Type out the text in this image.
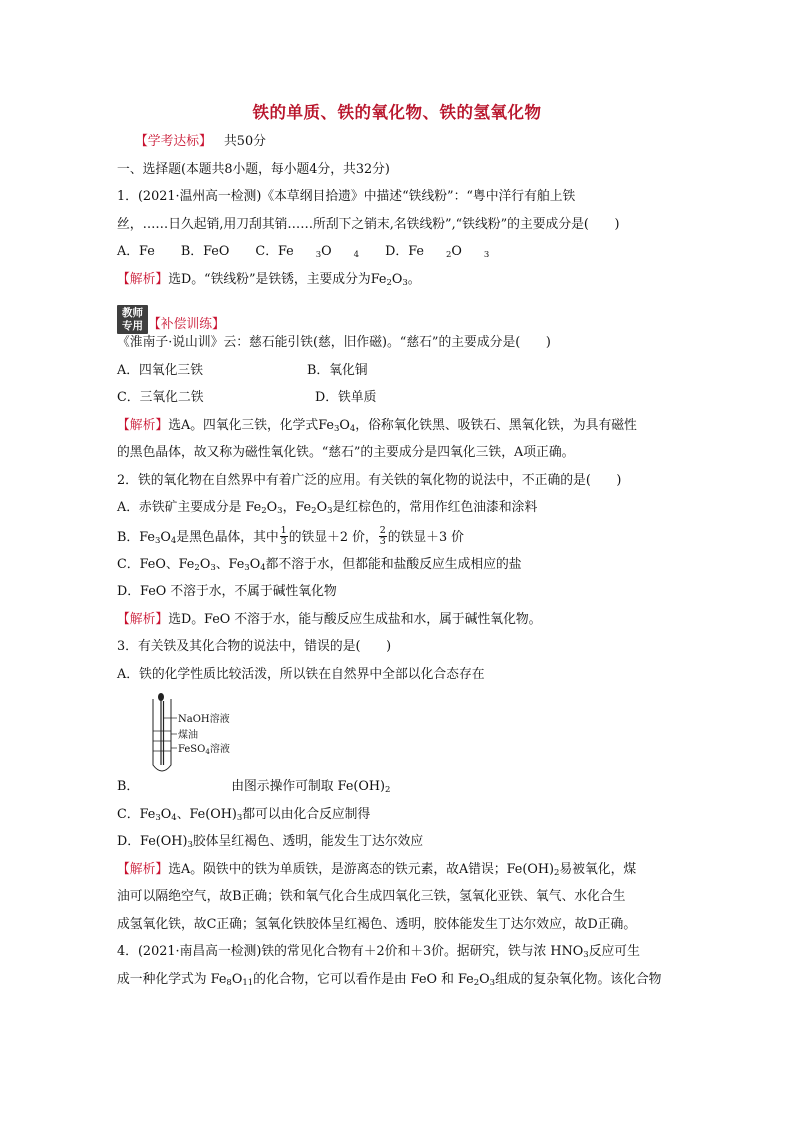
铁的单质、铁的氧化物、铁的氢氧化物
【学考达标】 共50分
一、选择题(本题共8小题，每小题4分，共32分)
1．(2021·温州高一检测)《本草纲目拾遗》中描述“铁线粉”：“粤中洋行有舶上铁
丝，……日久起销,用刀刮其销……所刮下之销末,名铁线粉”,“铁线粉”的主要成分是(　　)
A．Fe B．FeO C．Fe	$_3$O	$_4$ D．Fe	$_2$O	$_3$
【解析】选D。“铁线粉”是铁锈，主要成分为$Fe_2O_3$。
教师
专用 【补偿训练】
《淮南子·说山训》云：慈石能引铁(慈，旧作磁)。“慈石”的主要成分是(　　)
A．四氧化三铁	B．氧化铜
C．三氧化二铁	D．铁单质
【解析】选A。四氧化三铁，化学式$Fe_3O_4$，俗称氧化铁黑、吸铁石、黑氧化铁，为具有磁性
的黑色晶体，故又称为磁性氧化铁。“慈石”的主要成分是四氧化三铁，A项正确。
2．铁的氧化物在自然界中有着广泛的应用。有关铁的氧化物的说法中，不正确的是(　　)
A．赤铁矿主要成分是 $Fe_2O_3$，$Fe_2O_3$是红棕色的，常用作红色油漆和涂料
B．$Fe_3O_4$是黑色晶体，其中 $\frac{1}{3}$ 的铁显＋2 价， $\frac{2}{3}$ 的铁显＋3 价
C．FeO、$Fe_2O_3$、$Fe_3O_4$都不溶于水，但都能和盐酸反应生成相应的盐
D．FeO 不溶于水，不属于碱性氧化物
【解析】选D。FeO 不溶于水，能与酸反应生成盐和水，属于碱性氧化物。
3．有关铁及其化合物的说法中，错误的是(　　)
A．铁的化学性质比较活泼，所以铁在自然界中全部以化合态存在
NaOH溶液
煤油
FeSO$_4$溶液
B．	由图示操作可制取 $Fe(OH)_2$
C．$Fe_3O_4$、$Fe(OH)_3$都可以由化合反应制得
D．$Fe(OH)_3$胶体呈红褐色、透明，能发生丁达尔效应
【解析】选A。陨铁中的铁为单质铁，是游离态的铁元素，故A错误；$Fe(OH)_2$易被氧化，煤
油可以隔绝空气，故B正确；铁和氧气化合生成四氧化三铁，氢氧化亚铁、氧气、水化合生
成氢氧化铁，故C正确；氢氧化铁胶体呈红褐色、透明，胶体能发生丁达尔效应，故D正确。
4．(2021·南昌高一检测)铁的常见化合物有＋2价和＋3价。据研究，铁与浓 $HNO_3$反应可生
成一种化学式为 $Fe_8O_{11}$的化合物，它可以看作是由 FeO 和 $Fe_2O_3$组成的复杂氧化物。该化合物
